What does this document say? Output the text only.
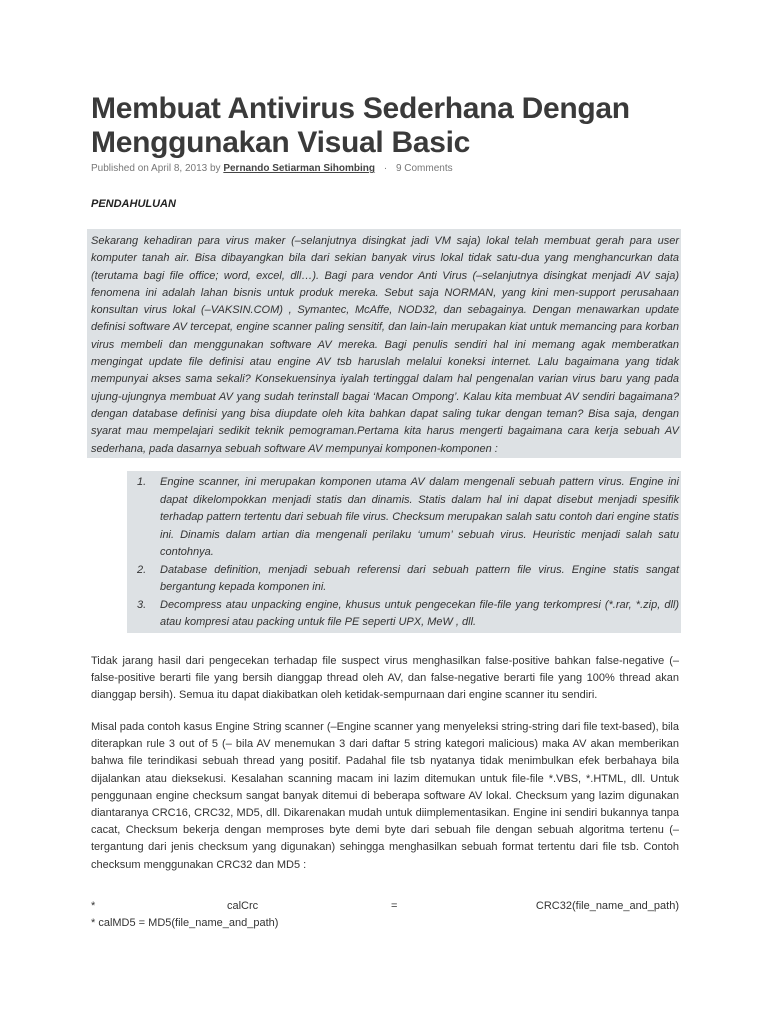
Membuat Antivirus Sederhana Dengan Menggunakan Visual Basic
Published on April 8, 2013 by Pernando Setiarman Sihombing · 9 Comments
PENDAHULUAN
Sekarang kehadiran para virus maker (–selanjutnya disingkat jadi VM saja) lokal telah membuat gerah para user komputer tanah air. Bisa dibayangkan bila dari sekian banyak virus lokal tidak satu-dua yang menghancurkan data (terutama bagi file office; word, excel, dll…). Bagi para vendor Anti Virus (–selanjutnya disingkat menjadi AV saja) fenomena ini adalah lahan bisnis untuk produk mereka. Sebut saja NORMAN, yang kini men-support perusahaan konsultan virus lokal (–VAKSIN.COM) , Symantec, McAffe, NOD32, dan sebagainya. Dengan menawarkan update definisi software AV tercepat, engine scanner paling sensitif, dan lain-lain merupakan kiat untuk memancing para korban virus membeli dan menggunakan software AV mereka. Bagi penulis sendiri hal ini memang agak memberatkan mengingat update file definisi atau engine AV tsb haruslah melalui koneksi internet. Lalu bagaimana yang tidak mempunyai akses sama sekali? Konsekuensinya iyalah tertinggal dalam hal pengenalan varian virus baru yang pada ujung-ujungnya membuat AV yang sudah terinstall bagai ‘Macan Ompong’. Kalau kita membuat AV sendiri bagaimana? dengan database definisi yang bisa diupdate oleh kita bahkan dapat saling tukar dengan teman? Bisa saja, dengan syarat mau mempelajari sedikit teknik pemograman.Pertama kita harus mengerti bagaimana cara kerja sebuah AV sederhana, pada dasarnya sebuah software AV mempunyai komponen-komponen :
1. Engine scanner, ini merupakan komponen utama AV dalam mengenali sebuah pattern virus. Engine ini dapat dikelompokkan menjadi statis dan dinamis. Statis dalam hal ini dapat disebut menjadi spesifik terhadap pattern tertentu dari sebuah file virus. Checksum merupakan salah satu contoh dari engine statis ini. Dinamis dalam artian dia mengenali perilaku ‘umum’ sebuah virus. Heuristic menjadi salah satu contohnya.
2. Database definition, menjadi sebuah referensi dari sebuah pattern file virus. Engine statis sangat bergantung kepada komponen ini.
3. Decompress atau unpacking engine, khusus untuk pengecekan file-file yang terkompresi (*.rar, *.zip, dll) atau kompresi atau packing untuk file PE seperti UPX, MeW , dll.

Tidak jarang hasil dari pengecekan terhadap file suspect virus menghasilkan false-positive bahkan false-negative (– false-positive berarti file yang bersih dianggap thread oleh AV, dan false-negative berarti file yang 100% thread akan dianggap bersih). Semua itu dapat diakibatkan oleh ketidak-sempurnaan dari engine scanner itu sendiri.

Misal pada contoh kasus Engine String scanner (–Engine scanner yang menyeleksi string-string dari file text-based), bila diterapkan rule 3 out of 5 (– bila AV menemukan 3 dari daftar 5 string kategori malicious) maka AV akan memberikan bahwa file terindikasi sebuah thread yang positif. Padahal file tsb nyatanya tidak menimbulkan efek berbahaya bila dijalankan atau dieksekusi. Kesalahan scanning macam ini lazim ditemukan untuk file-file *.VBS, *.HTML, dll. Untuk penggunaan engine checksum sangat banyak ditemui di beberapa software AV lokal. Checksum yang lazim digunakan diantaranya CRC16, CRC32, MD5, dll. Dikarenakan mudah untuk diimplementasikan. Engine ini sendiri bukannya tanpa cacat, Checksum bekerja dengan memproses byte demi byte dari sebuah file dengan sebuah algoritma tertenu (– tergantung dari jenis checksum yang digunakan) sehingga menghasilkan sebuah format tertentu dari file tsb. Contoh checksum menggunakan CRC32 dan MD5 :

*	calCrc	=	CRC32(file_name_and_path)
* calMD5 = MD5(file_name_and_path)
